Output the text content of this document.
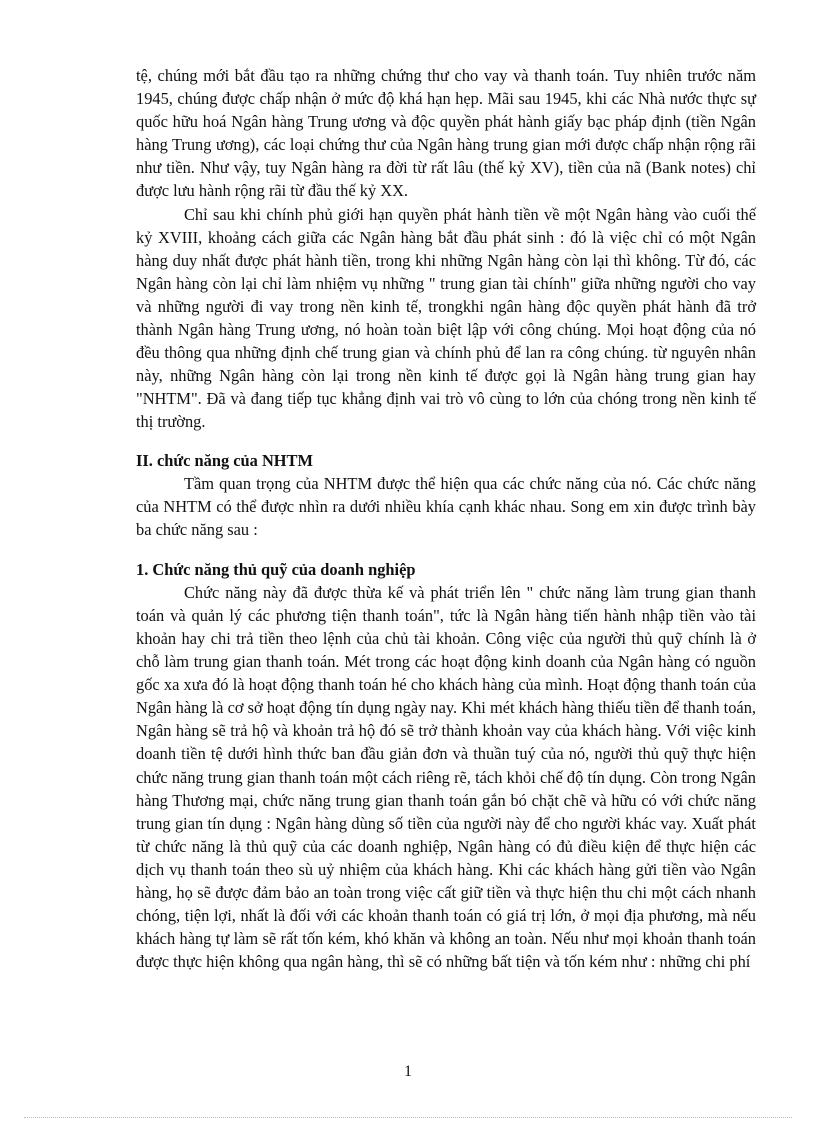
tệ, chúng mới bắt đầu tạo ra những chứng thư cho vay và thanh toán. Tuy nhiên trước năm 1945, chúng được chấp nhận ở mức độ khá hạn hẹp. Mãi sau 1945, khi các Nhà nước thực sự quốc hữu hoá Ngân hàng Trung ương và độc quyền phát hành giấy bạc pháp định (tiền Ngân hàng Trung ương), các loại chứng thư của Ngân hàng trung gian mới được chấp nhận rộng rãi như tiền. Như vậy, tuy Ngân hàng ra đời từ rất lâu (thế kỷ XV), tiền của nã (Bank notes) chỉ được lưu hành rộng rãi từ đầu thế kỷ XX.

Chỉ sau khi chính phủ giới hạn quyền phát hành tiền về một Ngân hàng vào cuối thế kỷ XVIII, khoảng cách giữa các Ngân hàng bắt đầu phát sinh : đó là việc chỉ có một Ngân hàng duy nhất được phát hành tiền, trong khi những Ngân hàng còn lại thì không. Từ đó, các Ngân hàng còn lại chỉ làm nhiệm vụ những " trung gian tài chính" giữa những người cho vay và những người đi vay trong nền kinh tế, trongkhi ngân hàng độc quyền phát hành đã trở thành Ngân hàng Trung ương, nó hoàn toàn biệt lập với công chúng. Mọi hoạt động của nó đều thông qua những định chế trung gian và chính phủ để lan ra công chúng. từ nguyên nhân này, những Ngân hàng còn lại trong nền kinh tế được gọi là Ngân hàng trung gian hay "NHTM". Đã và đang tiếp tục khẳng định vai trò vô cùng to lớn của chóng trong nền kinh tế thị trường.

II. chức năng của NHTM

Tầm quan trọng của NHTM được thể hiện qua các chức năng của nó. Các chức năng của NHTM có thể được nhìn ra dưới nhiều khía cạnh khác nhau. Song em xin được trình bày ba chức năng sau :

1. Chức năng thủ quỹ của doanh nghiệp

Chức năng này đã được thừa kế và phát triển lên " chức năng làm trung gian thanh toán và quản lý các phương tiện thanh toán", tức là Ngân hàng tiến hành nhập tiền vào tài khoản hay chi trả tiền theo lệnh của chủ tài khoản. Công việc của người thủ quỹ chính là ở chỗ làm trung gian thanh toán. Mét trong các hoạt động kinh doanh của Ngân hàng có nguồn gốc xa xưa đó là hoạt động thanh toán hé cho khách hàng của mình. Hoạt động thanh toán của Ngân hàng là cơ sở hoạt động tín dụng ngày nay. Khi mét khách hàng thiếu tiền để thanh toán, Ngân hàng sẽ trả hộ và khoản trả hộ đó sẽ trở thành khoản vay của khách hàng. Với việc kinh doanh tiền tệ dưới hình thức ban đầu giản đơn và thuần tuý của nó, người thủ quỹ thực hiện chức năng trung gian thanh toán một cách riêng rẽ, tách khỏi chế độ tín dụng. Còn trong Ngân hàng Thương mại, chức năng trung gian thanh toán gắn bó chặt chẽ và hữu có với chức năng trung gian tín dụng : Ngân hàng dùng số tiền của người này để cho người khác vay. Xuất phát từ chức năng là thủ quỹ của các doanh nghiệp, Ngân hàng có đủ điều kiện để thực hiện các dịch vụ thanh toán theo sù uỷ nhiệm của khách hàng. Khi các khách hàng gửi tiền vào Ngân hàng, họ sẽ được đảm bảo an toàn trong việc cất giữ tiền và thực hiện thu chi một cách nhanh chóng, tiện lợi, nhất là đối với các khoản thanh toán có giá trị lớn, ở mọi địa phương, mà nếu khách hàng tự làm sẽ rất tốn kém, khó khăn và không an toàn. Nếu như mọi khoản thanh toán được thực hiện không qua ngân hàng, thì sẽ có những bất tiện và tốn kém như : những chi phí

1
